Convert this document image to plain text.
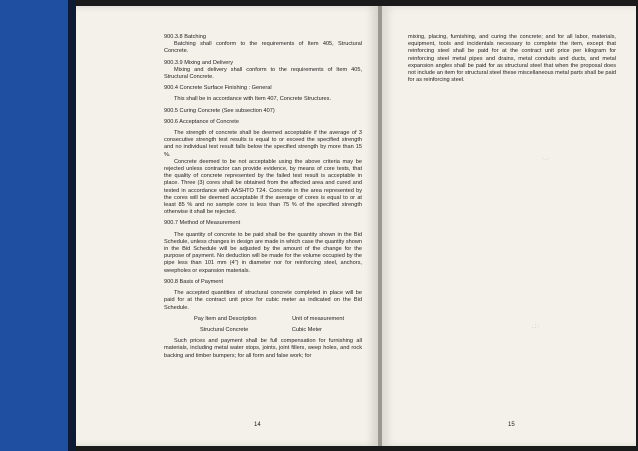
900.3.8 Batching

Batching shall conform to the requirements of Item 405, Structural Concrete.

900.3.9 Mixing and Delivery

Mixing and delivery shall conform to the requirements of Item 405, Structural Concrete.

900.4 Concrete Surface Finishing : General

This shall be in accordance with Item 407, Concrete Structures.

900.5 Curing Concrete (See subsection 407)

900.6 Acceptance of Concrete

The strength of concrete shall be deemed acceptable if the average of 3 consecutive strength test results is equal to or exceed the specified strength and no individual test result falls below the specified strength by more than 15 %.

Concrete deemed to be not acceptable using the above criteria may be rejected unless contractor can provide evidence, by means of core tests, that the quality of concrete represented by the failed test result is acceptable in place. Three (3) cores shall be obtained from the affected area and cured and tested in accordance with AASHTO T24. Concrete in the area represented by the cores will be deemed acceptable if the average of cores is equal to or at least 85 % and no sample core is less than 75 % of the specified strength otherwise it shall be rejected.

900.7 Method of Measurement

The quantity of concrete to be paid shall be the quantity shown in the Bid Schedule, unless changes in design are made in which case the quantity shown in the Bid Schedule will be adjusted by the amount of the change for the purpose of payment. No deduction will be made for the volume occupied by the pipe less than 101 mm (4") in diameter nor for reinforcing steel, anchors, weepholes or expansion materials.

900.8 Basis of Payment

The accepted quantities of structural concrete completed in place will be paid for at the contract unit price for cubic meter as indicated on the Bid Schedule.

Pay Item and Description	Unit of measurement
Structural Concrete	Cubic Meter

Such prices and payment shall be full compensation for furnishing all materials, including metal water stops, joints, joint fillers, weep holes, and rock backing and timber bumpers; for all form and false work; for

14

mixing, placing, furnishing, and curing the concrete; and for all labor, materials, equipment, tools and incidentals necessary to complete the item, except that reinforcing steel shall be paid for at the contract unit price per kilogram for reinforcing steel metal pipes and drains, metal conduits and ducts, and metal expansion angles shall be paid for as structural steel that when the proposal does not include an item for structural steel these miscellaneous metal parts shall be paid for as reinforcing steel.

·.·
.:·
15
